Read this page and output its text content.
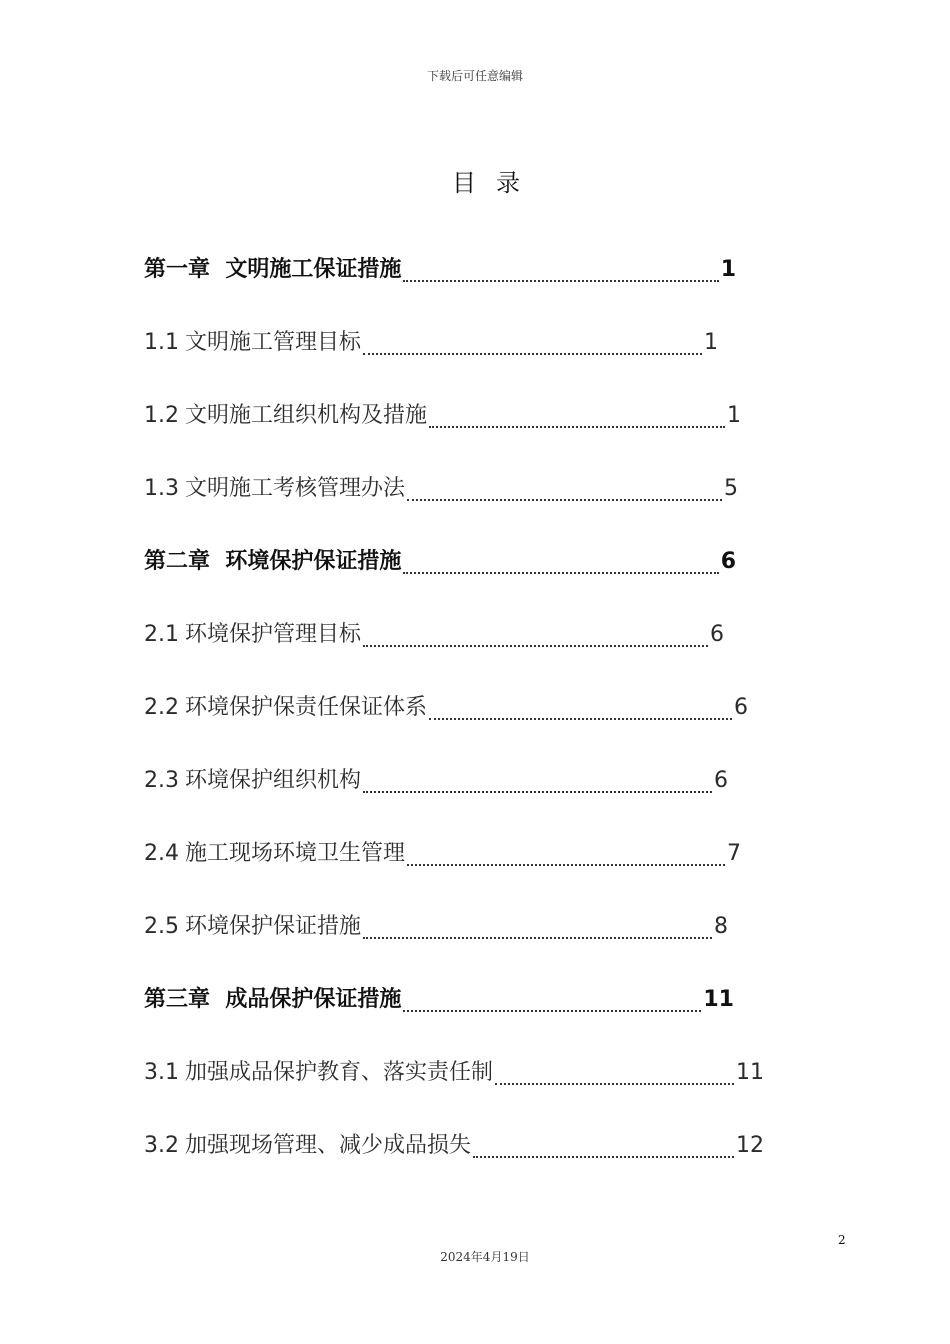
下载后可任意编辑
目录
第一章  文明施工保证措施	1
1.1 文明施工管理目标	1
1.2 文明施工组织机构及措施	1
1.3 文明施工考核管理办法	5
第二章  环境保护保证措施	6
2.1 环境保护管理目标	6
2.2 环境保护保责任保证体系	6
2.3 环境保护组织机构	6
2.4 施工现场环境卫生管理	7
2.5 环境保护保证措施	8
第三章  成品保护保证措施	11
3.1 加强成品保护教育、落实责任制	11
3.2 加强现场管理、减少成品损失	12
2
2024年4月19日
